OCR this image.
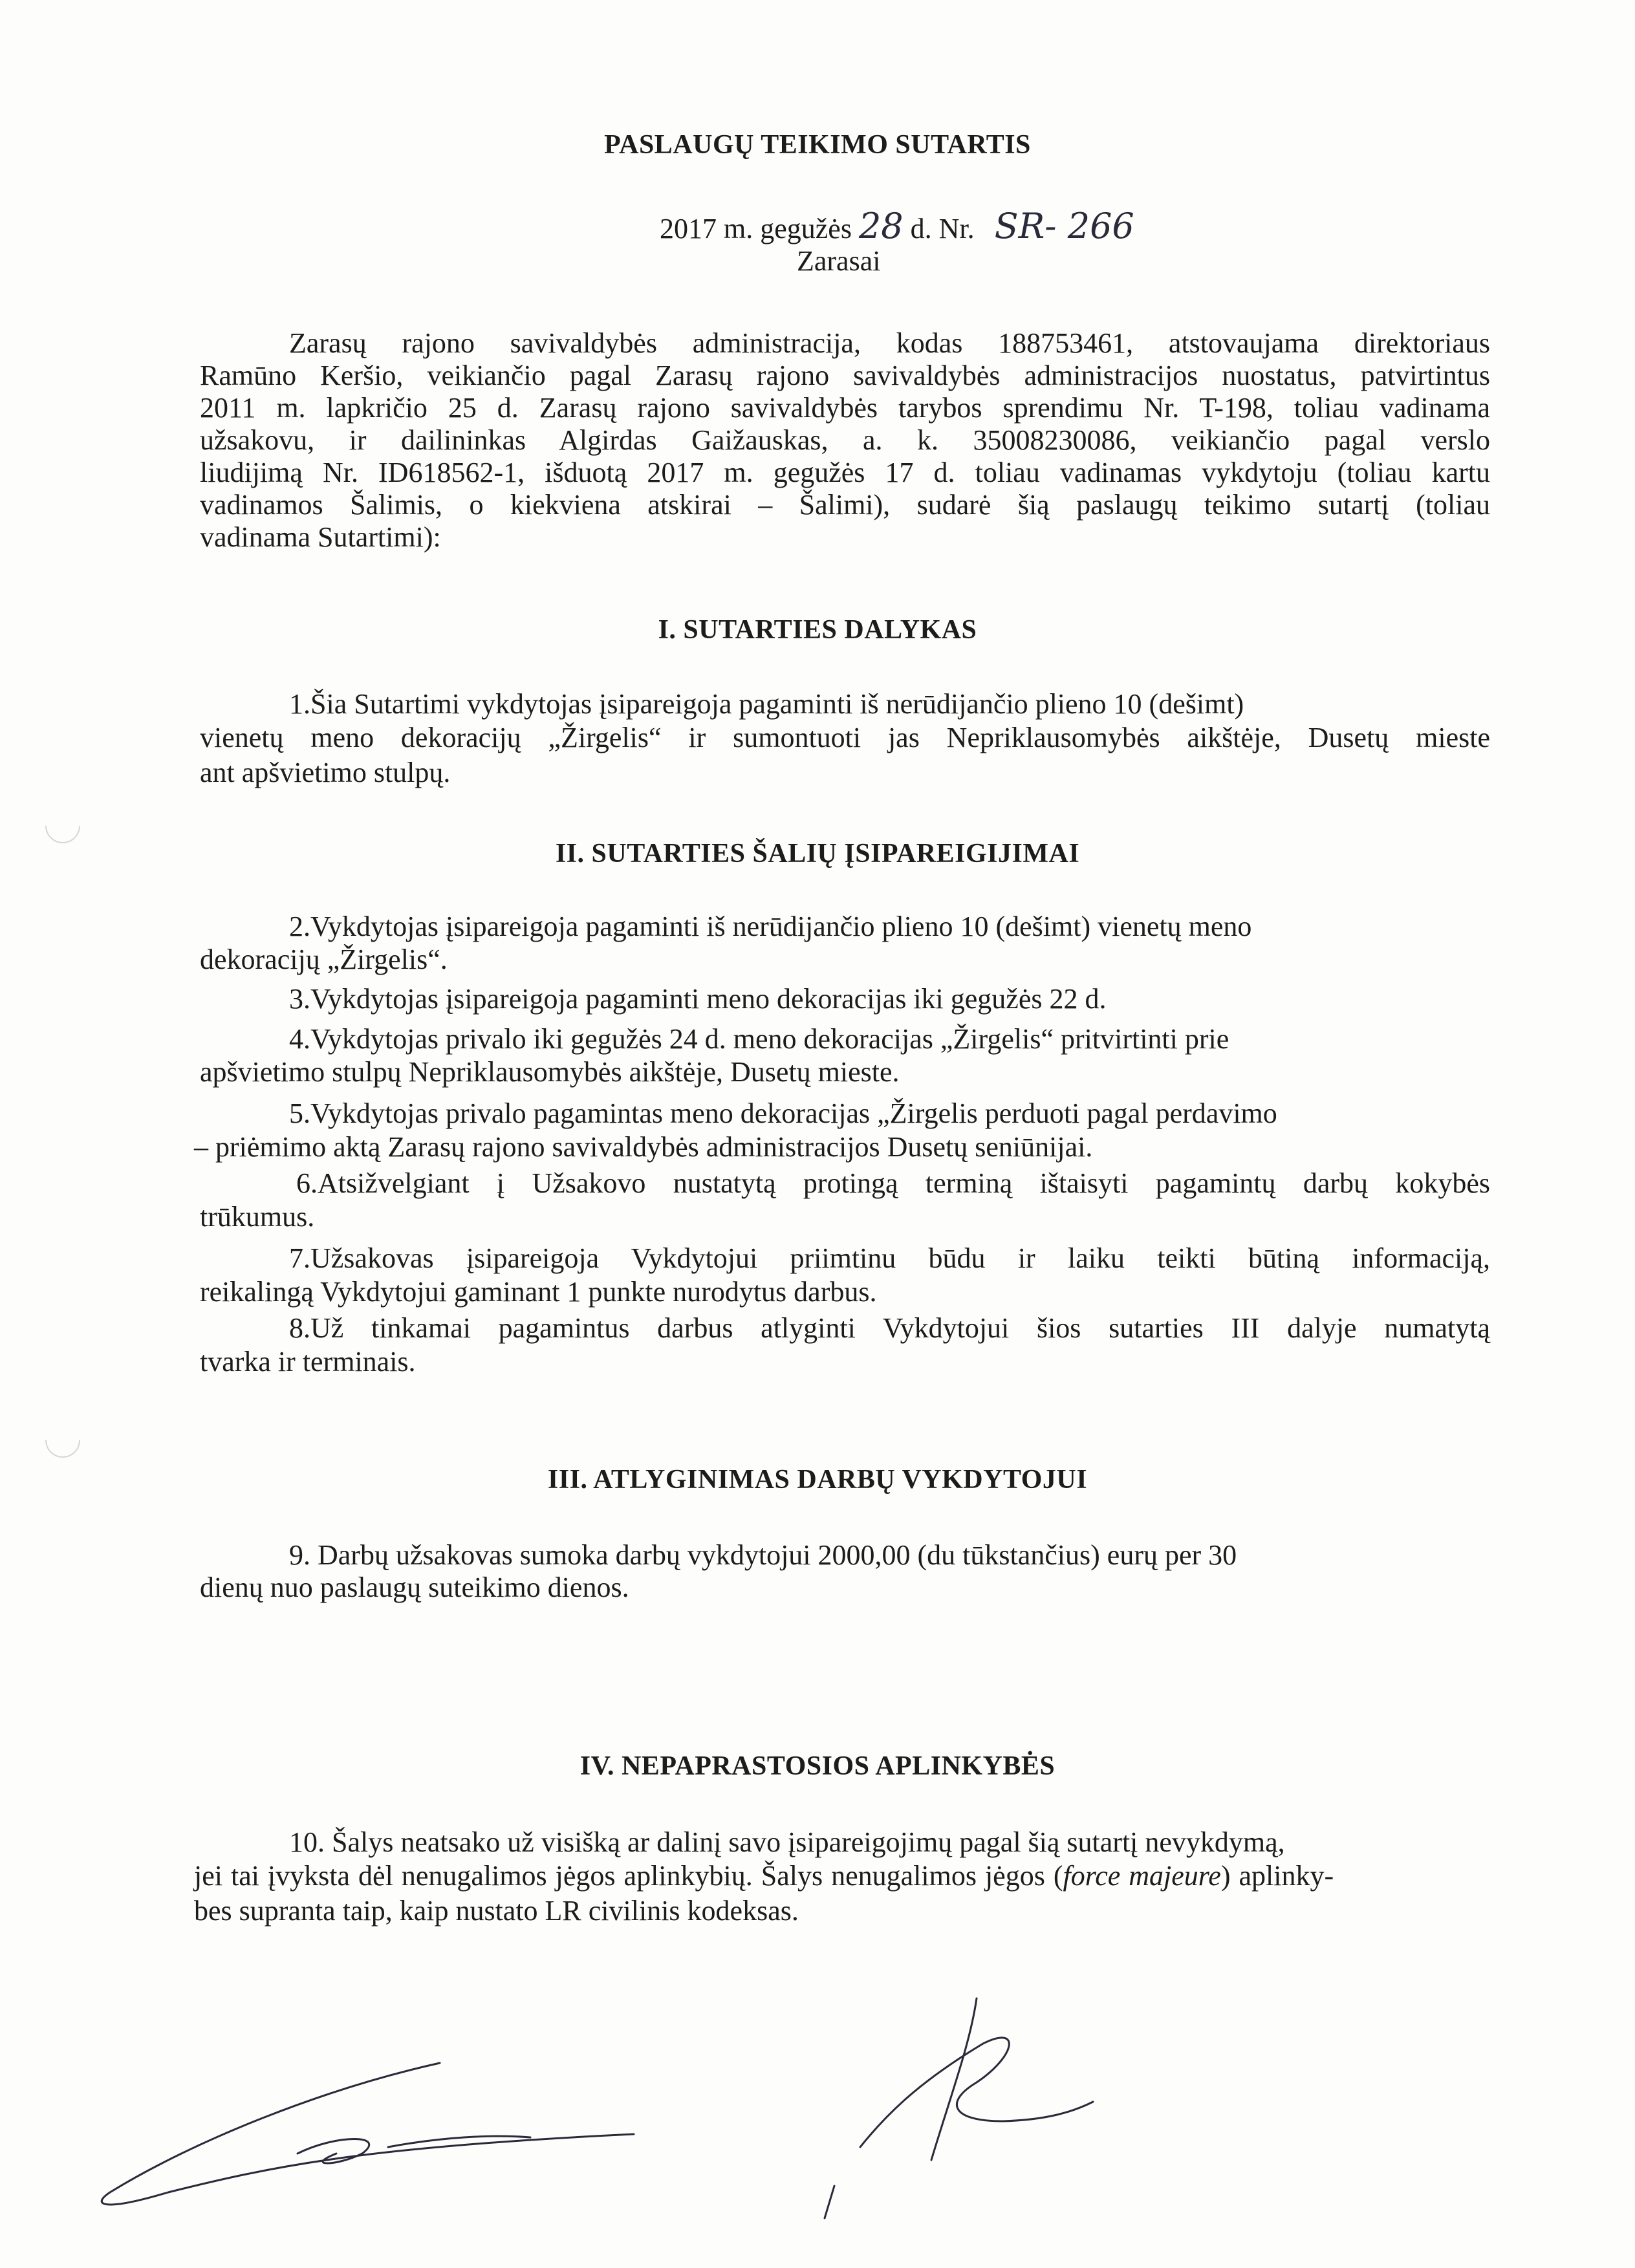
PASLAUGŲ TEIKIMO SUTARTIS
2017 m. gegužės 28 d. Nr. SR- 266
Zarasai
Zarasų rajono savivaldybės administracija, kodas 188753461, atstovaujama direktoriaus
Ramūno Keršio, veikiančio pagal Zarasų rajono savivaldybės administracijos nuostatus, patvirtintus
2011 m. lapkričio 25 d. Zarasų rajono savivaldybės tarybos sprendimu Nr. T-198, toliau vadinama
užsakovu, ir dailininkas Algirdas Gaižauskas, a. k. 35008230086, veikiančio pagal verslo
liudijimą Nr. ID618562-1, išduotą 2017 m. gegužės 17 d. toliau vadinamas vykdytoju (toliau kartu
vadinamos Šalimis, o kiekviena atskirai – Šalimi), sudarė šią paslaugų teikimo sutartį (toliau
vadinama Sutartimi):
I. SUTARTIES DALYKAS
1.Šia Sutartimi vykdytojas įsipareigoja pagaminti iš nerūdijančio plieno 10 (dešimt)
vienetų meno dekoracijų „Žirgelis“ ir sumontuoti jas Nepriklausomybės aikštėje, Dusetų mieste
ant apšvietimo stulpų.
II. SUTARTIES ŠALIŲ ĮSIPAREIGIJIMAI
2.Vykdytojas įsipareigoja pagaminti iš nerūdijančio plieno 10 (dešimt) vienetų meno
dekoracijų „Žirgelis“.
3.Vykdytojas įsipareigoja pagaminti meno dekoracijas iki gegužės 22 d.
4.Vykdytojas privalo iki gegužės 24 d. meno dekoracijas „Žirgelis“ pritvirtinti prie
apšvietimo stulpų Nepriklausomybės aikštėje, Dusetų mieste.
5.Vykdytojas privalo pagamintas meno dekoracijas „Žirgelis perduoti pagal perdavimo
– priėmimo aktą Zarasų rajono savivaldybės administracijos Dusetų seniūnijai.
6.Atsižvelgiant į Užsakovo nustatytą protingą terminą ištaisyti pagamintų darbų kokybės
trūkumus.
7.Užsakovas įsipareigoja Vykdytojui priimtinu būdu ir laiku teikti būtiną informaciją,
reikalingą Vykdytojui gaminant 1 punkte nurodytus darbus.
8.Už tinkamai pagamintus darbus atlyginti Vykdytojui šios sutarties III dalyje numatytą
tvarka ir terminais.
III. ATLYGINIMAS DARBŲ VYKDYTOJUI
9. Darbų užsakovas sumoka darbų vykdytojui 2000,00 (du tūkstančius) eurų per 30
dienų nuo paslaugų suteikimo dienos.
IV. NEPAPRASTOSIOS APLINKYBĖS
10. Šalys neatsako už visišką ar dalinį savo įsipareigojimų pagal šią sutartį nevykdymą,
jei tai įvyksta dėl nenugalimos jėgos aplinkybių. Šalys nenugalimos jėgos (force majeure) aplinky-
bes supranta taip, kaip nustato LR civilinis kodeksas.
